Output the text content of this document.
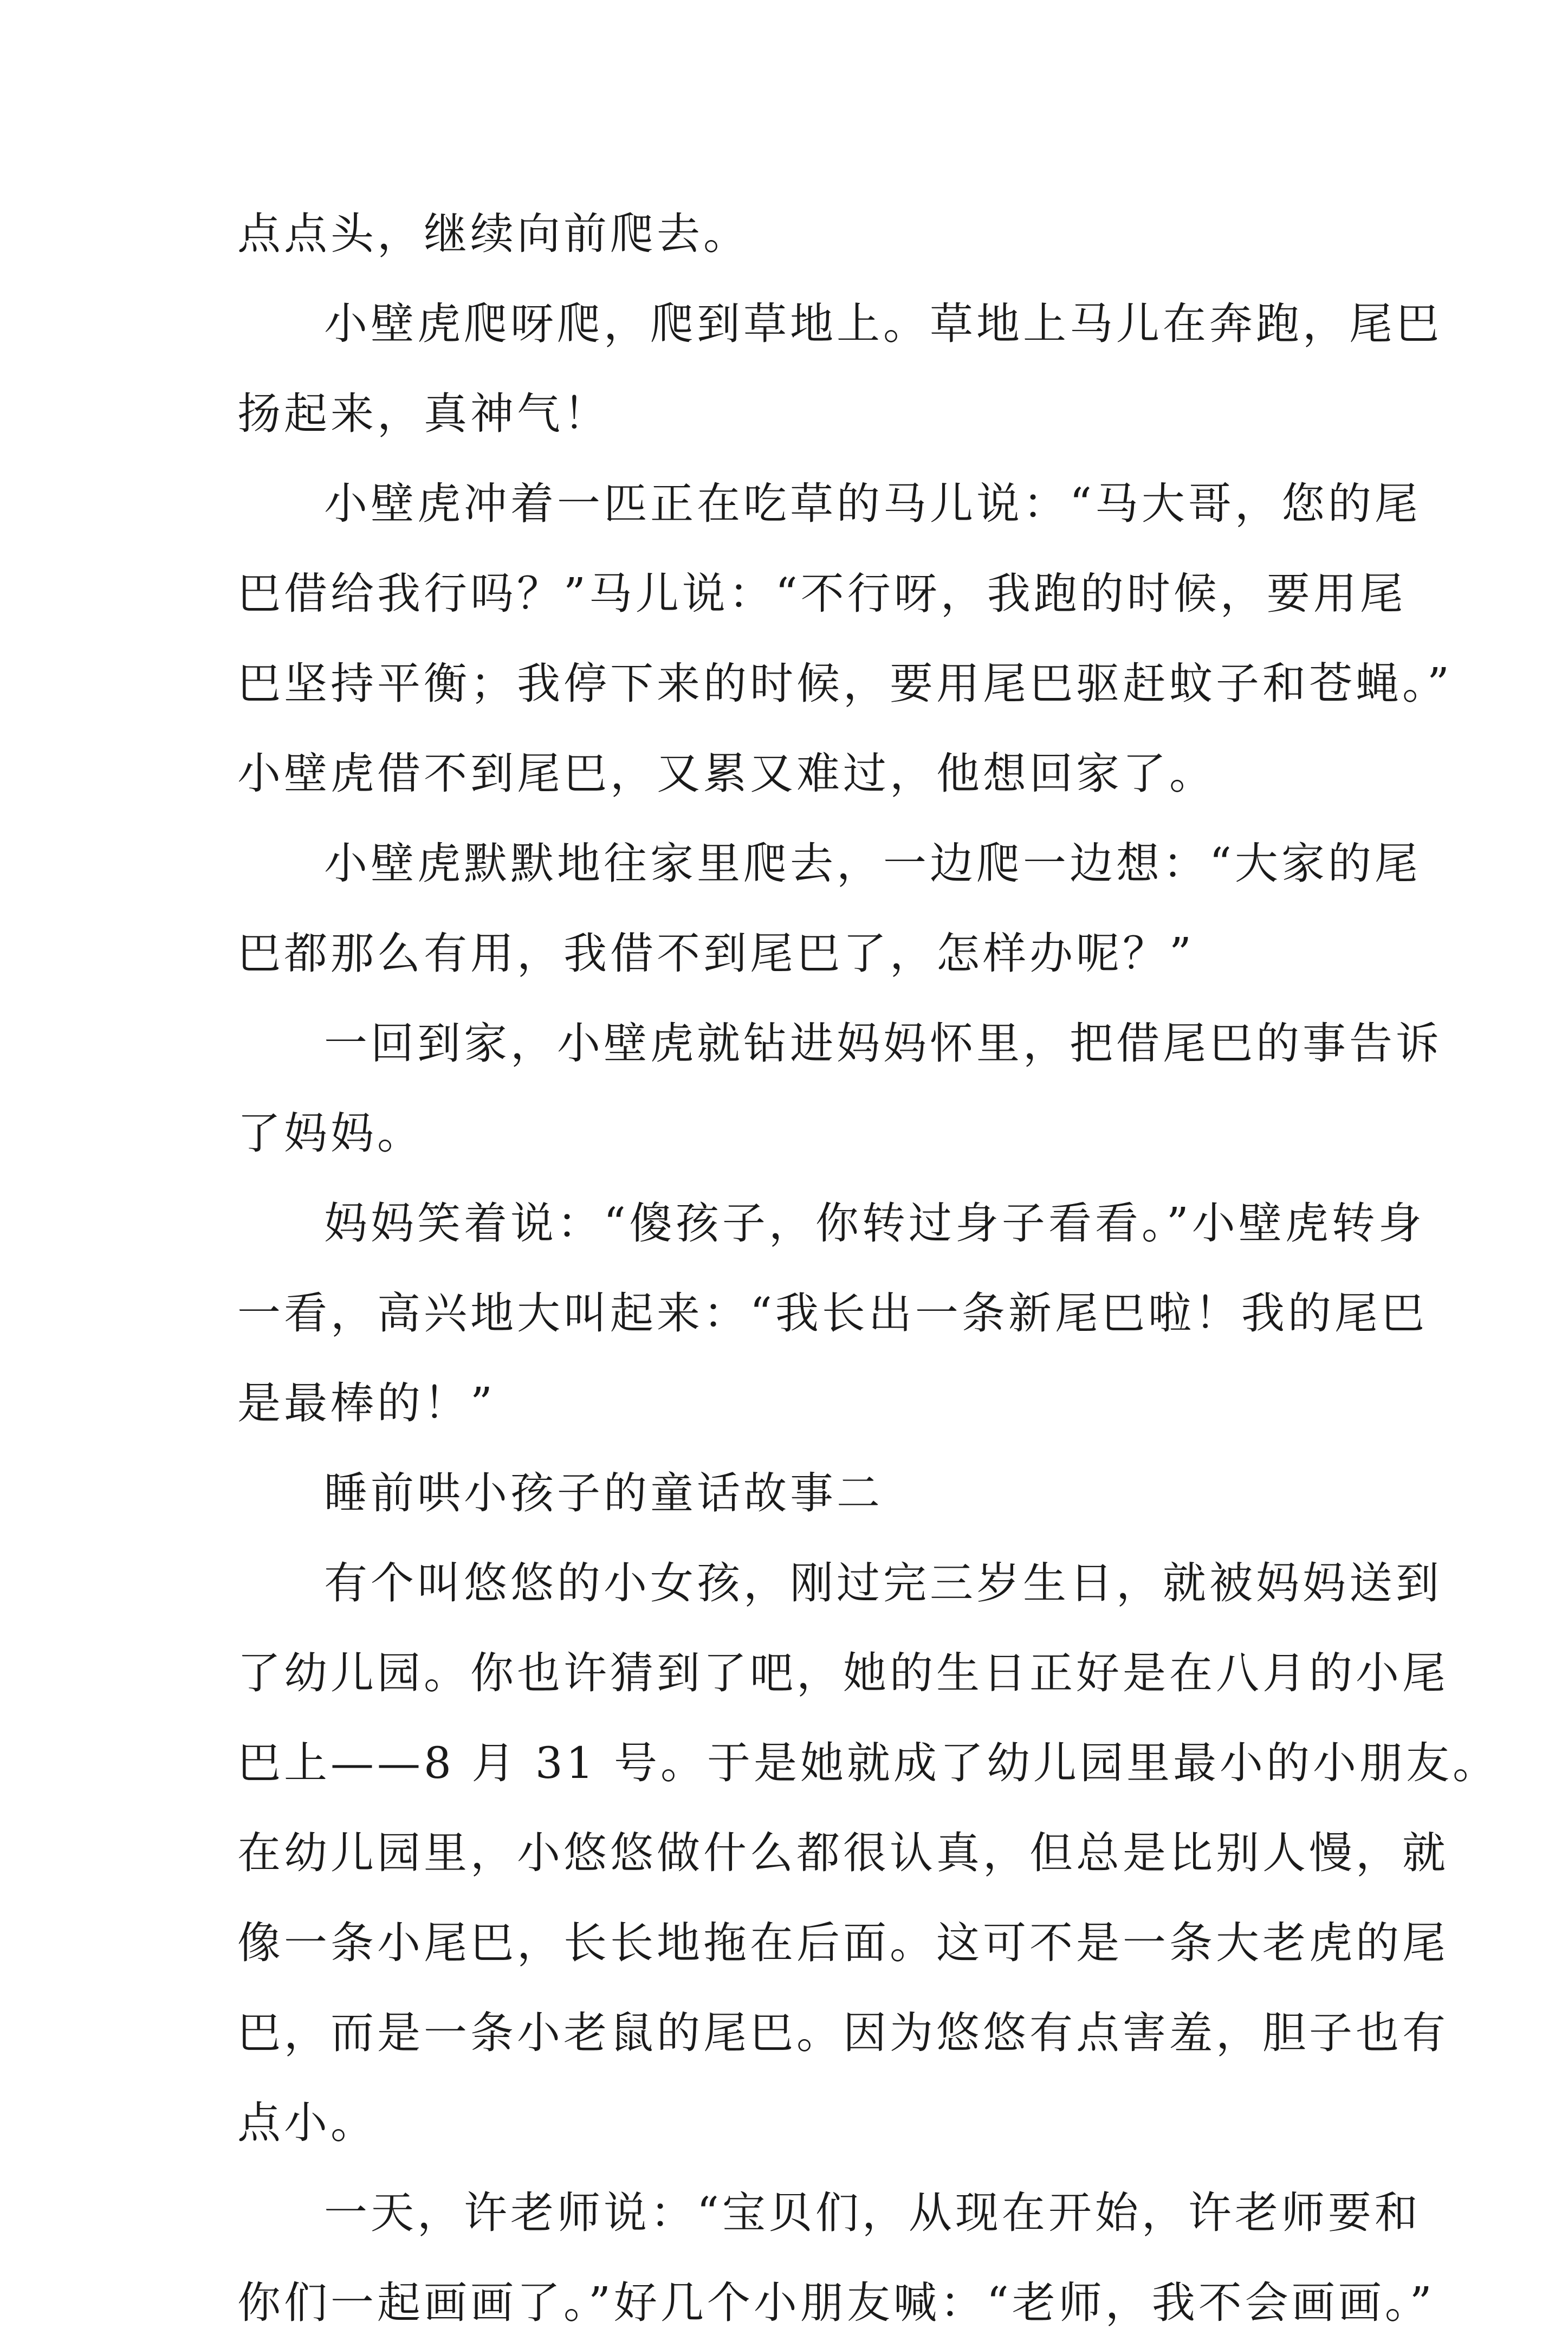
点点头，继续向前爬去。
小壁虎爬呀爬，爬到草地上。草地上马儿在奔跑，尾巴
扬起来，真神气！
小壁虎冲着一匹正在吃草的马儿说：“马大哥，您的尾
巴借给我行吗？”马儿说：“不行呀，我跑的时候，要用尾
巴坚持平衡；我停下来的时候，要用尾巴驱赶蚊子和苍蝇。”
小壁虎借不到尾巴，又累又难过，他想回家了。
小壁虎默默地往家里爬去，一边爬一边想：“大家的尾
巴都那么有用，我借不到尾巴了，怎样办呢？”
一回到家，小壁虎就钻进妈妈怀里，把借尾巴的事告诉
了妈妈。
妈妈笑着说：“傻孩子，你转过身子看看。”小壁虎转身
一看，高兴地大叫起来：“我长出一条新尾巴啦！我的尾巴
是最棒的！”
睡前哄小孩子的童话故事二
有个叫悠悠的小女孩，刚过完三岁生日，就被妈妈送到
了幼儿园。你也许猜到了吧，她的生日正好是在八月的小尾
巴上——8 月 31 号。于是她就成了幼儿园里最小的小朋友。
在幼儿园里，小悠悠做什么都很认真，但总是比别人慢，就
像一条小尾巴，长长地拖在后面。这可不是一条大老虎的尾
巴，而是一条小老鼠的尾巴。因为悠悠有点害羞，胆子也有
点小。
一天，许老师说：“宝贝们，从现在开始，许老师要和
你们一起画画了。”好几个小朋友喊：“老师，我不会画画。”
